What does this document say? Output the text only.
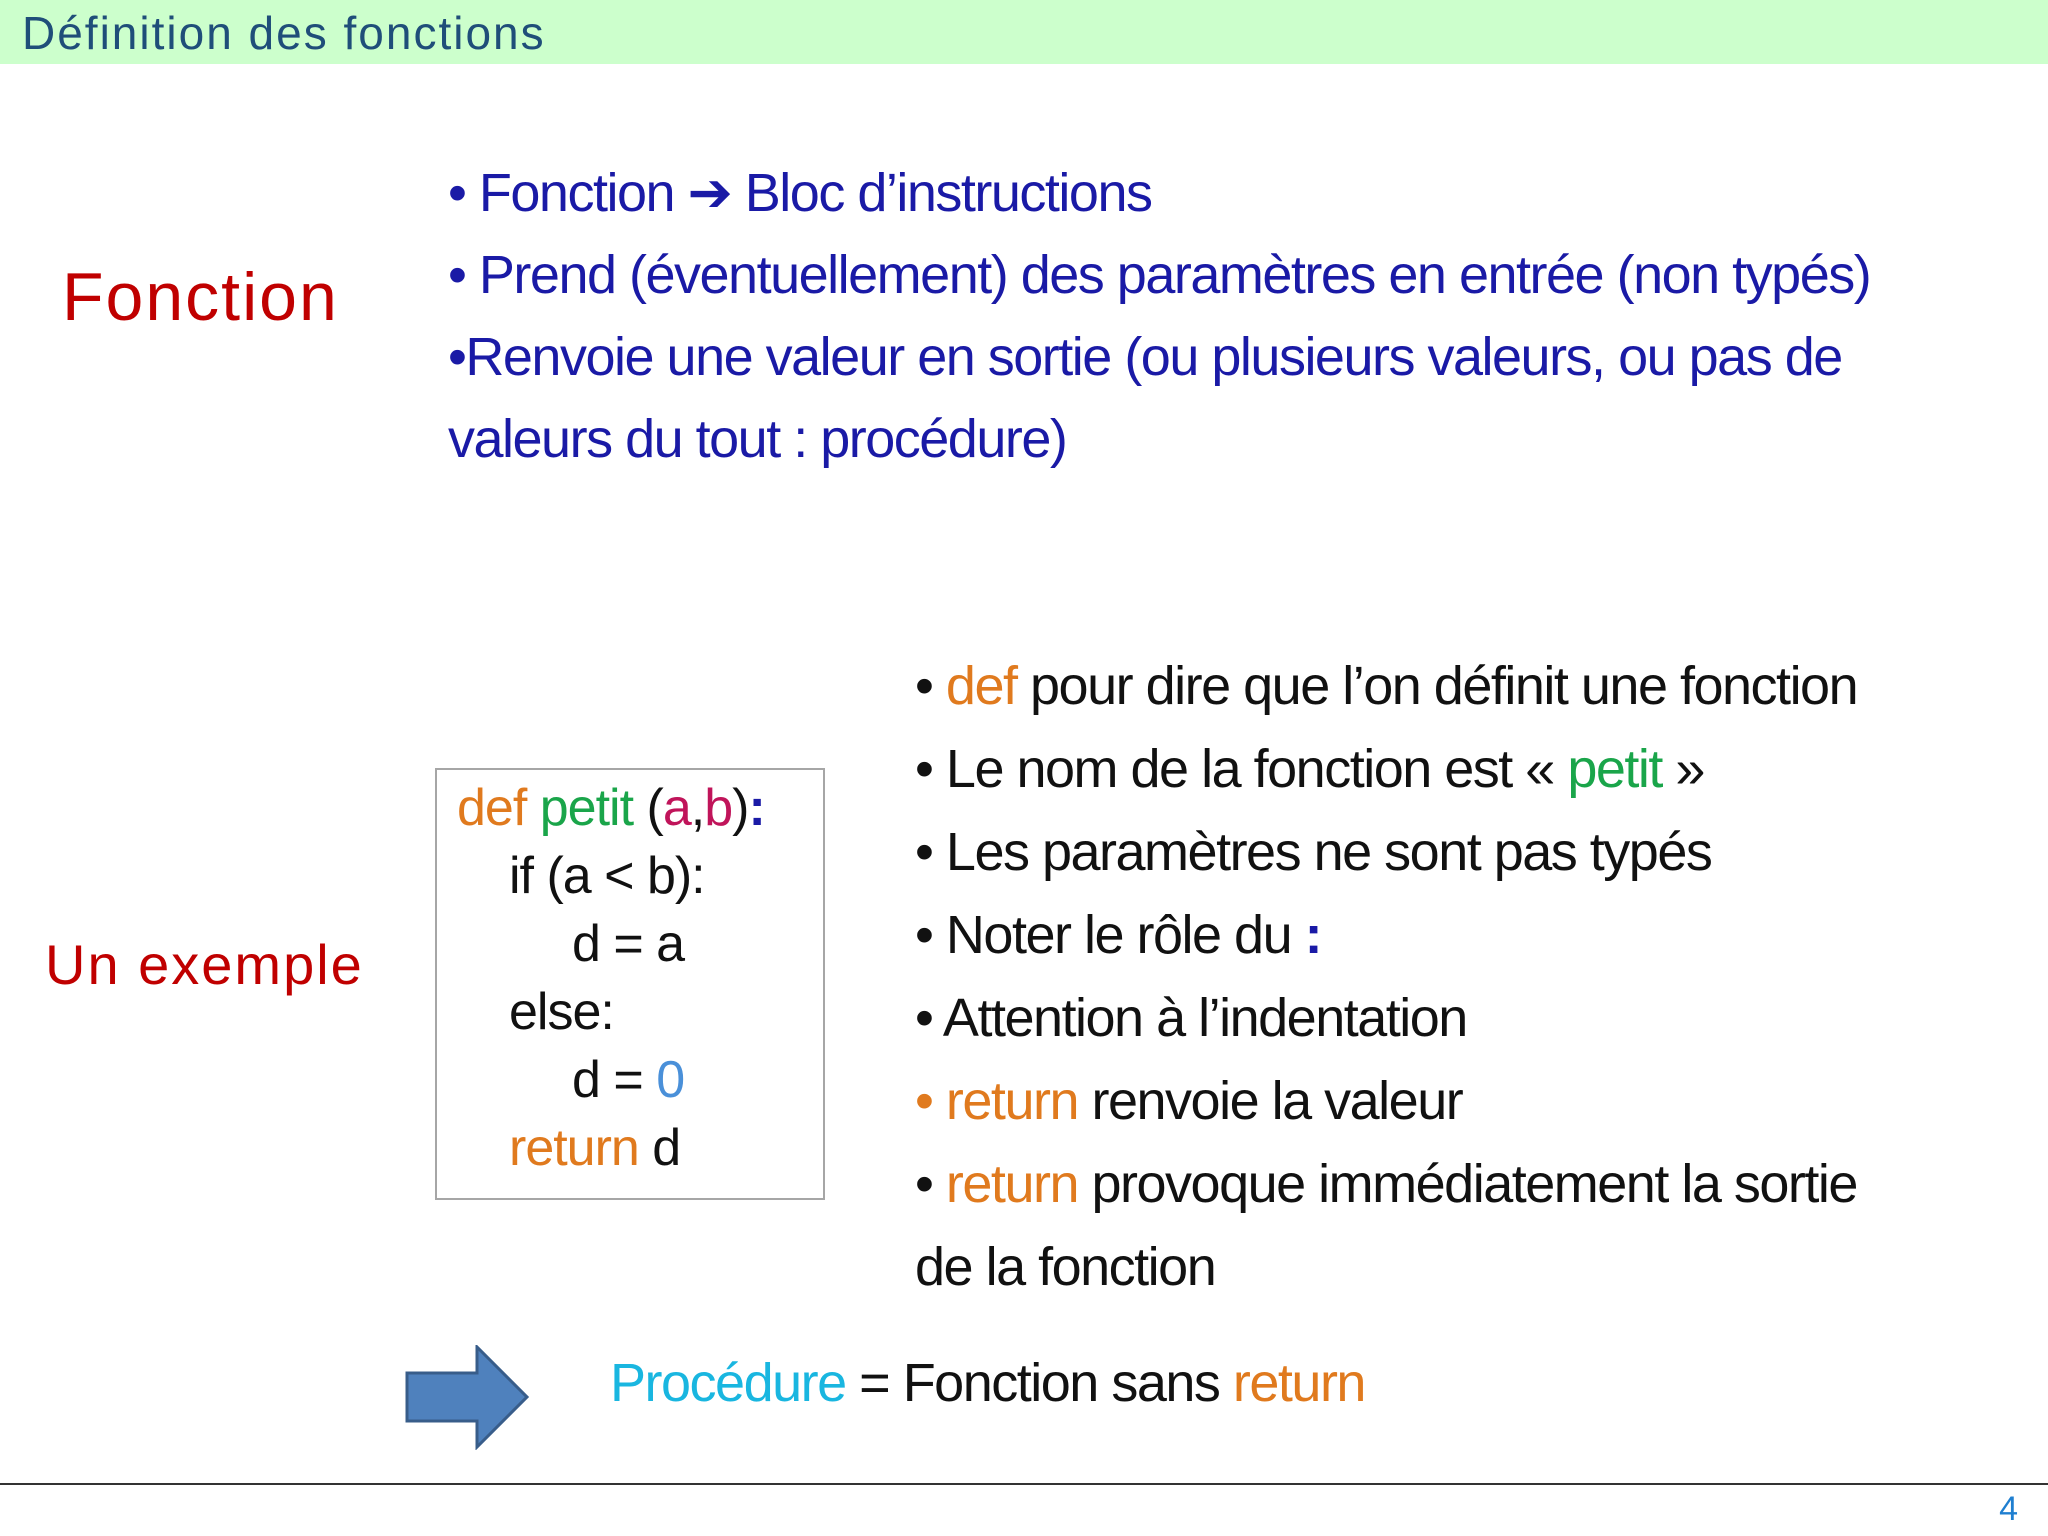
Définition des fonctions
Fonction
Un exemple
• Fonction ➔ Bloc d’instructions
• Prend (éventuellement) des paramètres en entrée (non typés)
•Renvoie une valeur en sortie (ou plusieurs valeurs, ou pas de
valeurs du tout : procédure)
def petit (a,b):
if (a < b):
d = a
else:
d = 0
return d
• def pour dire que l’on définit une fonction
• Le nom de la fonction est « petit »
• Les paramètres ne sont pas typés
• Noter le rôle du :
• Attention à l’indentation
• return renvoie la valeur
• return provoque immédiatement la sortie
de la fonction
Procédure = Fonction sans return
4
